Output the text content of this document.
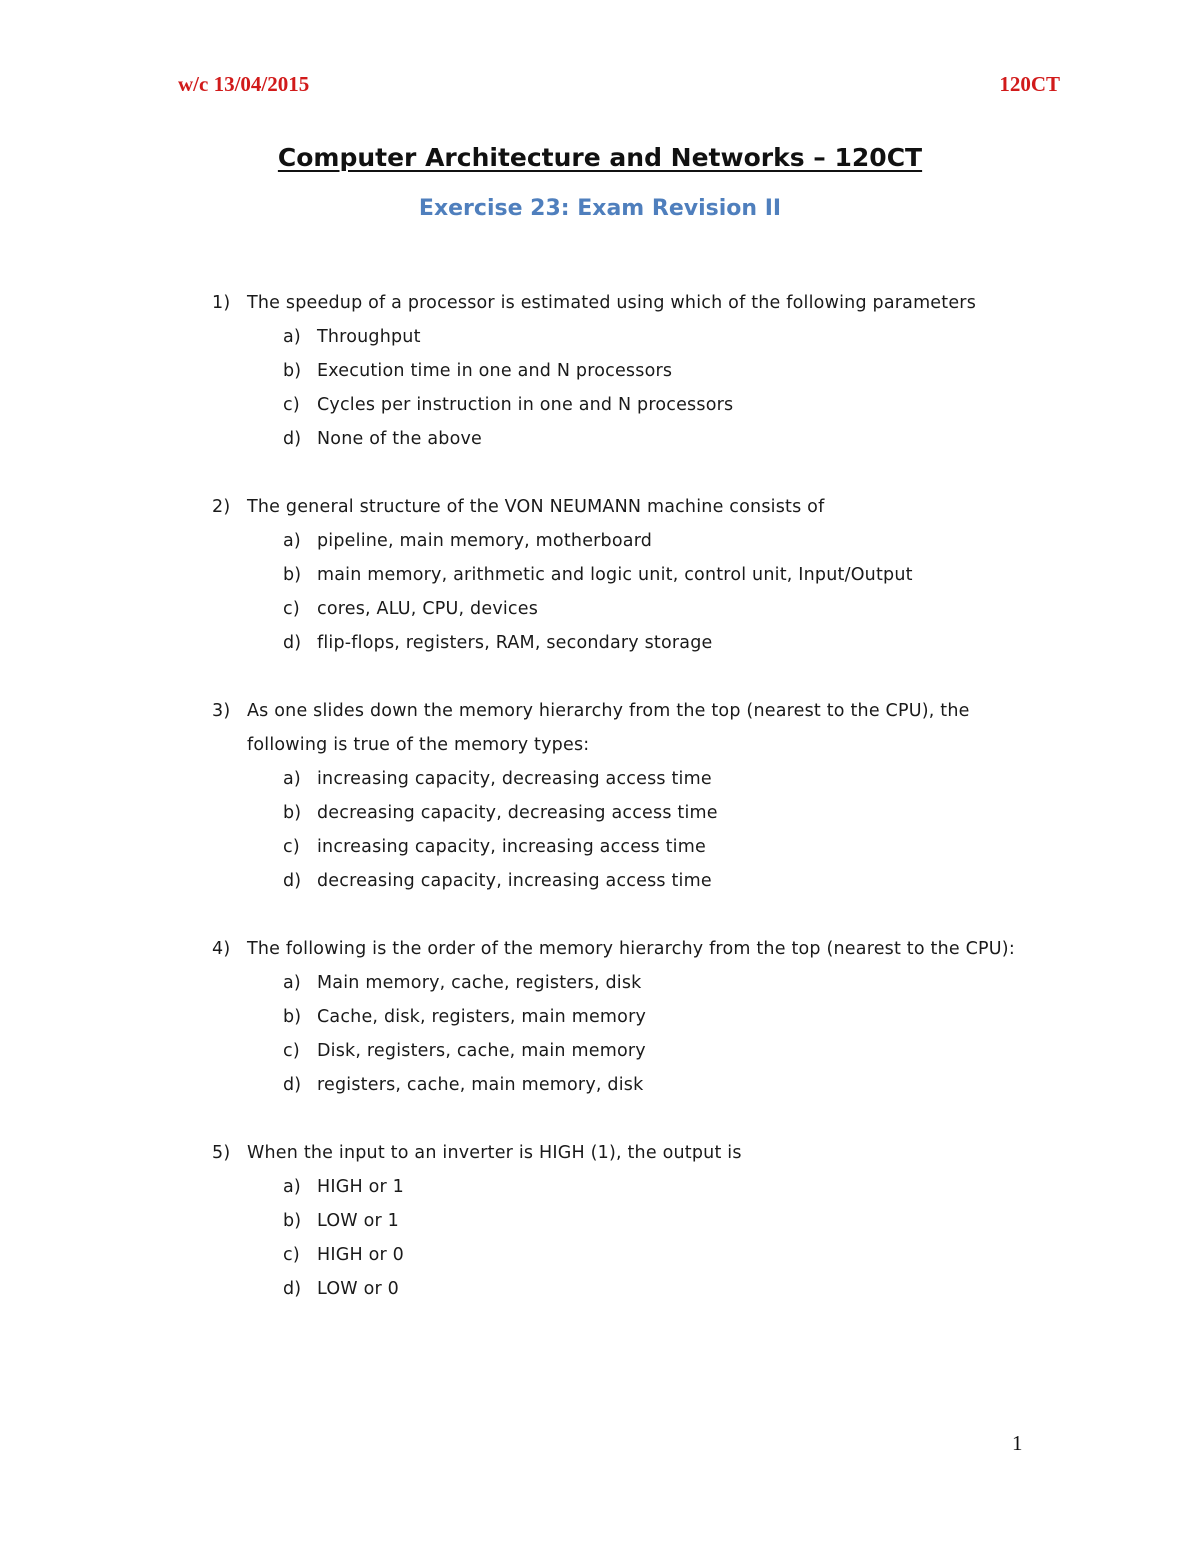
w/c 13/04/2015	120CT
Computer Architecture and Networks – 120CT
Exercise 23: Exam Revision II
1) The speedup of a processor is estimated using which of the following parameters
a) Throughput
b) Execution time in one and N processors
c) Cycles per instruction in one and N processors
d) None of the above
2) The general structure of the VON NEUMANN machine consists of
a) pipeline, main memory, motherboard
b) main memory, arithmetic and logic unit, control unit, Input/Output
c) cores, ALU, CPU, devices
d) flip-flops, registers, RAM, secondary storage
3) As one slides down the memory hierarchy from the top (nearest to the CPU), the following is true of the memory types:
a) increasing capacity, decreasing access time
b) decreasing capacity, decreasing access time
c) increasing capacity, increasing access time
d) decreasing capacity, increasing access time
4) The following is the order of the memory hierarchy from the top (nearest to the CPU):
a) Main memory, cache, registers, disk
b) Cache, disk, registers, main memory
c) Disk, registers, cache, main memory
d) registers, cache, main memory, disk
5) When the input to an inverter is HIGH (1), the output is
a) HIGH or 1
b) LOW or 1
c) HIGH or 0
d) LOW or 0
1
